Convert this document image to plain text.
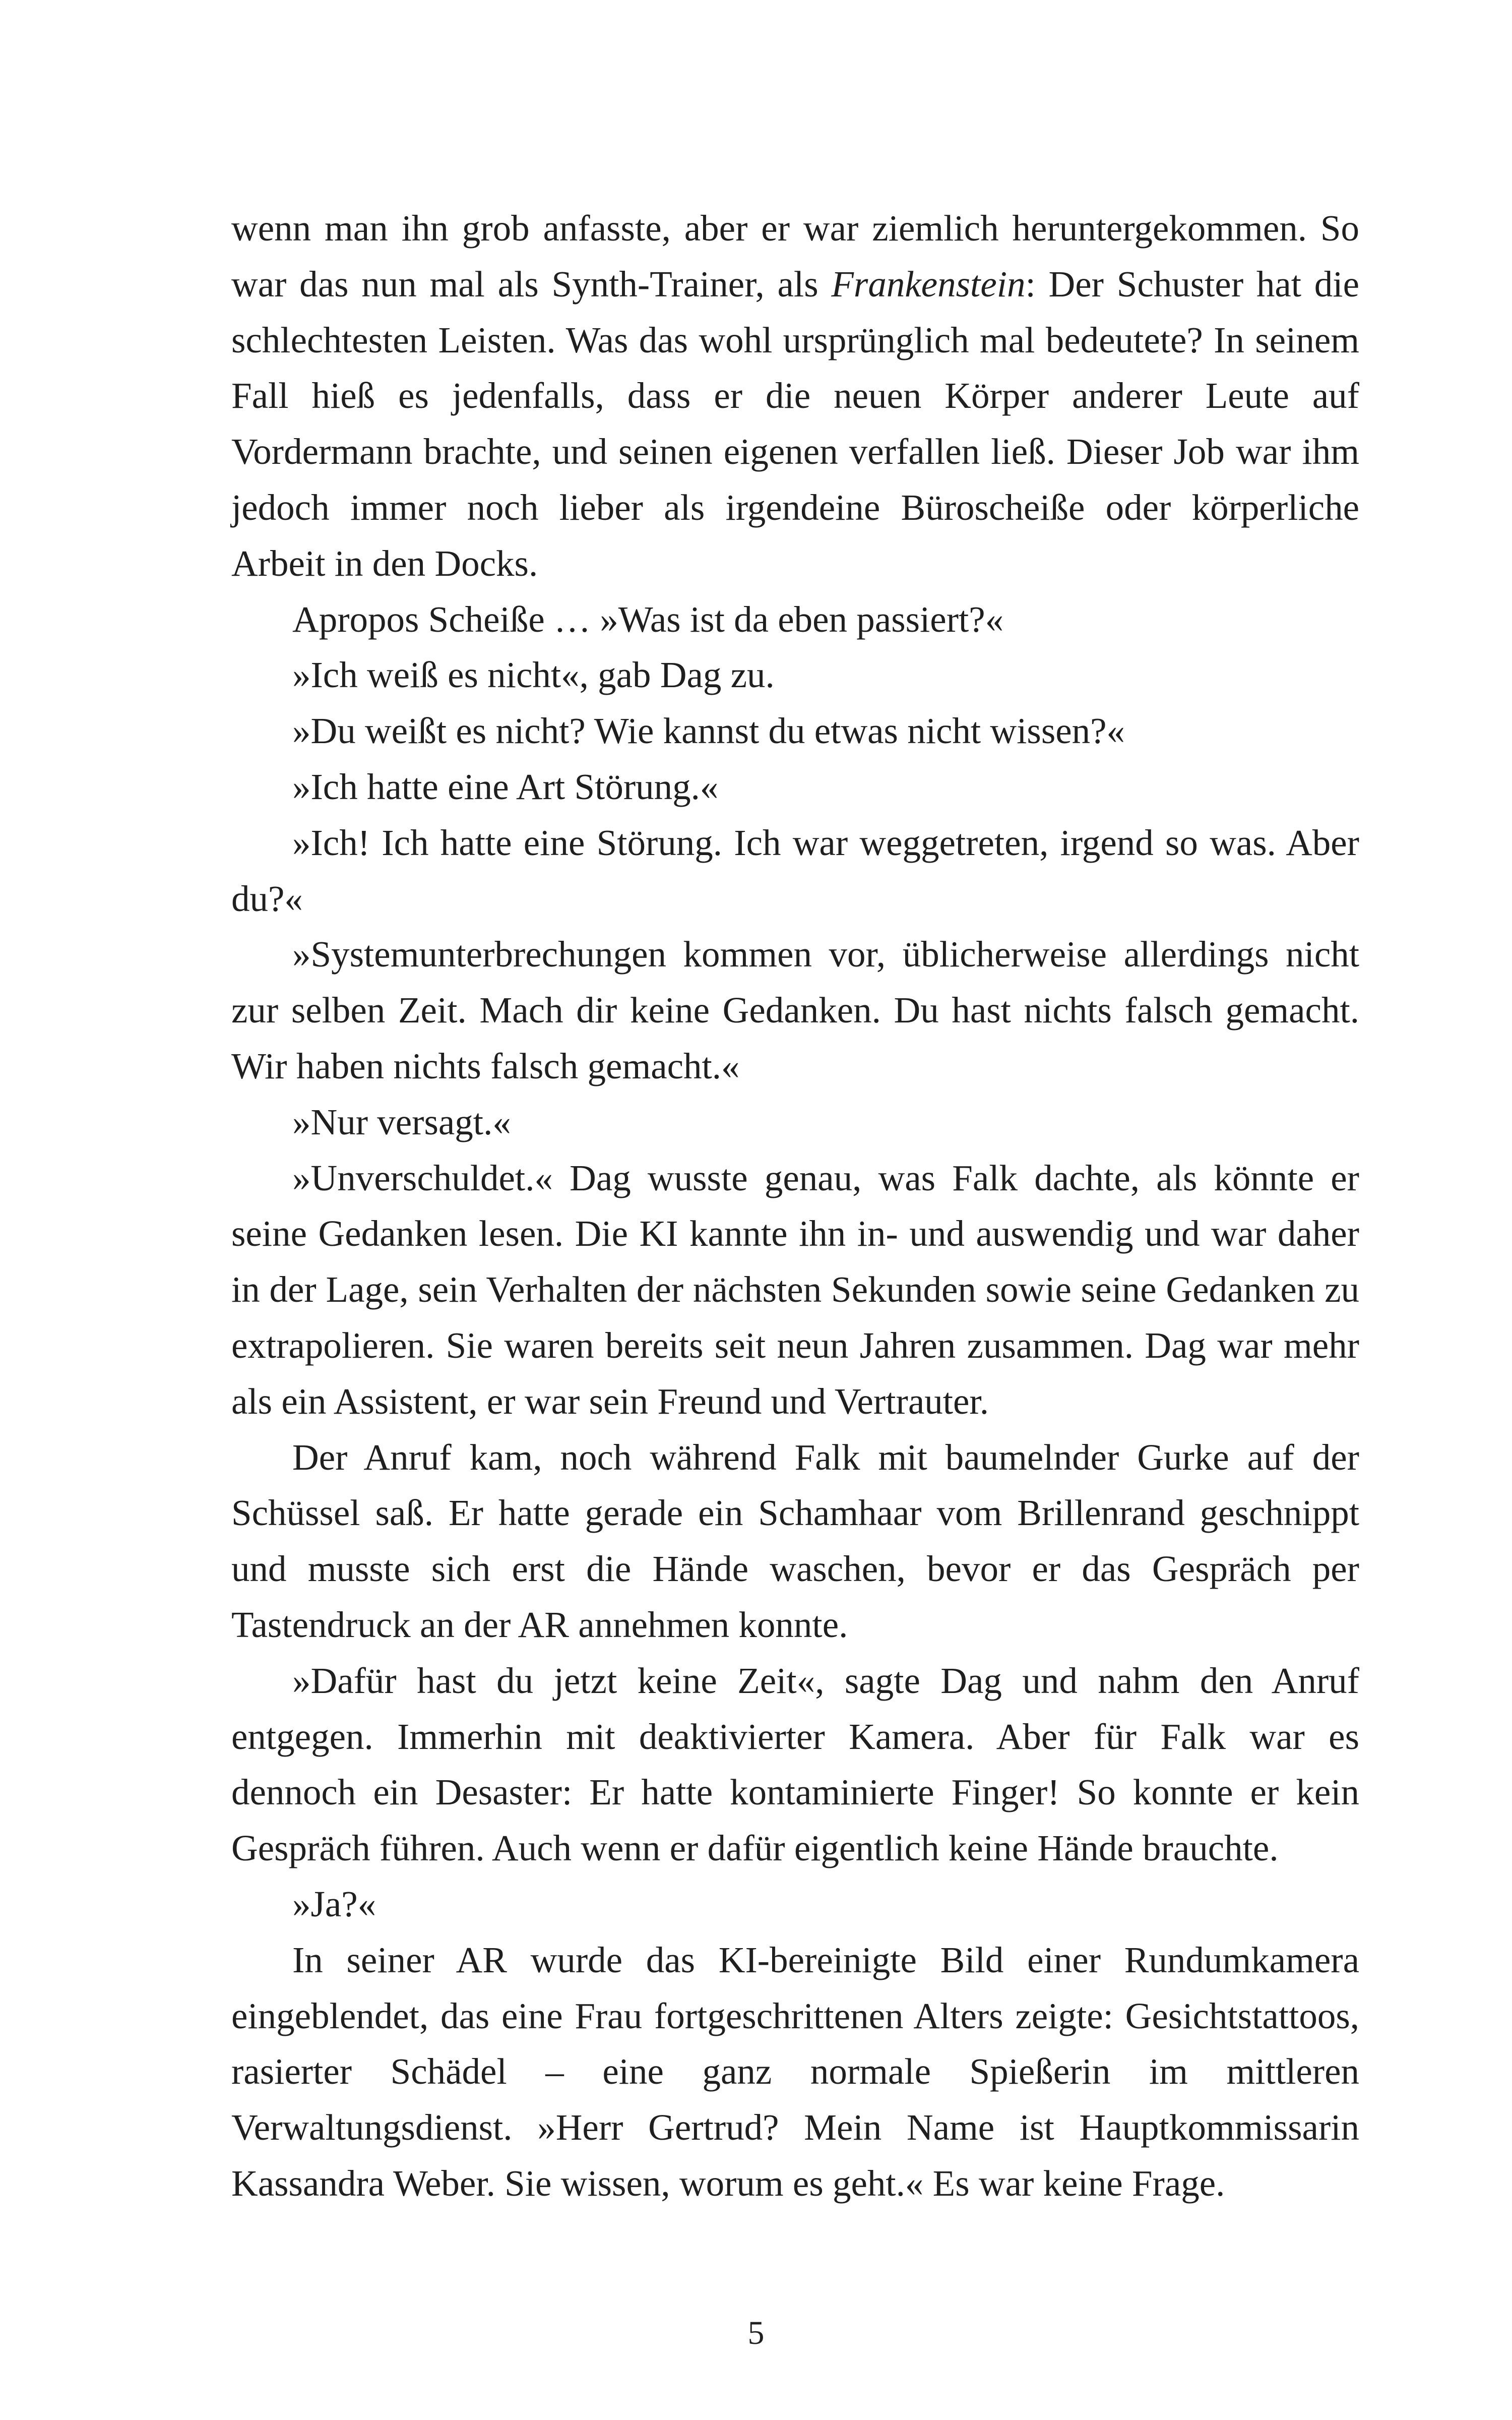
wenn man ihn grob anfasste, aber er war ziemlich heruntergekommen. So war das nun mal als Synth-Trainer, als Frankenstein: Der Schuster hat die schlechtesten Leisten. Was das wohl ursprünglich mal bedeutete? In seinem Fall hieß es jedenfalls, dass er die neuen Körper anderer Leute auf Vordermann brachte, und seinen eigenen verfallen ließ. Dieser Job war ihm jedoch immer noch lieber als irgendeine Büroscheiße oder körperliche Arbeit in den Docks.

Apropos Scheiße … »Was ist da eben passiert?«

»Ich weiß es nicht«, gab Dag zu.

»Du weißt es nicht? Wie kannst du etwas nicht wissen?«

»Ich hatte eine Art Störung.«

»Ich! Ich hatte eine Störung. Ich war weggetreten, irgend so was. Aber du?«

»Systemunterbrechungen kommen vor, üblicherweise allerdings nicht zur selben Zeit. Mach dir keine Gedanken. Du hast nichts falsch gemacht. Wir haben nichts falsch gemacht.«

»Nur versagt.«

»Unverschuldet.« Dag wusste genau, was Falk dachte, als könnte er seine Gedanken lesen. Die KI kannte ihn in- und auswendig und war daher in der Lage, sein Verhalten der nächsten Sekunden sowie seine Gedanken zu extrapolieren. Sie waren bereits seit neun Jahren zusammen. Dag war mehr als ein Assistent, er war sein Freund und Vertrauter.

Der Anruf kam, noch während Falk mit baumelnder Gurke auf der Schüssel saß. Er hatte gerade ein Schamhaar vom Brillenrand geschnippt und musste sich erst die Hände waschen, bevor er das Gespräch per Tastendruck an der AR annehmen konnte.

»Dafür hast du jetzt keine Zeit«, sagte Dag und nahm den Anruf entgegen. Immerhin mit deaktivierter Kamera. Aber für Falk war es dennoch ein Desaster: Er hatte kontaminierte Finger! So konnte er kein Gespräch führen. Auch wenn er dafür eigentlich keine Hände brauchte.

»Ja?«

In seiner AR wurde das KI-bereinigte Bild einer Rundumkamera eingeblendet, das eine Frau fortgeschrittenen Alters zeigte: Gesichtstattoos, rasierter Schädel – eine ganz normale Spießerin im mittleren Verwaltungsdienst. »Herr Gertrud? Mein Name ist Hauptkommissarin Kassandra Weber. Sie wissen, worum es geht.« Es war keine Frage.

5
